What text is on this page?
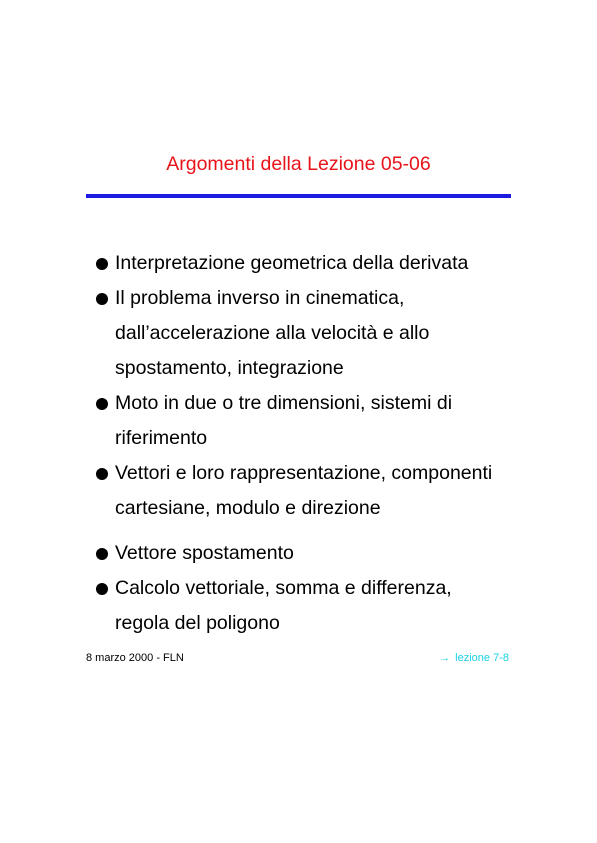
Argomenti della Lezione 05-06
Interpretazione geometrica della derivata
Il problema inverso in cinematica,
dall’accelerazione alla velocità e allo
spostamento, integrazione
Moto in due o tre dimensioni, sistemi di
riferimento
Vettori e loro rappresentazione, componenti
cartesiane, modulo e direzione
Vettore spostamento
Calcolo vettoriale, somma e differenza,
regola del poligono
8 marzo 2000 - FLN	→ lezione 7-8
